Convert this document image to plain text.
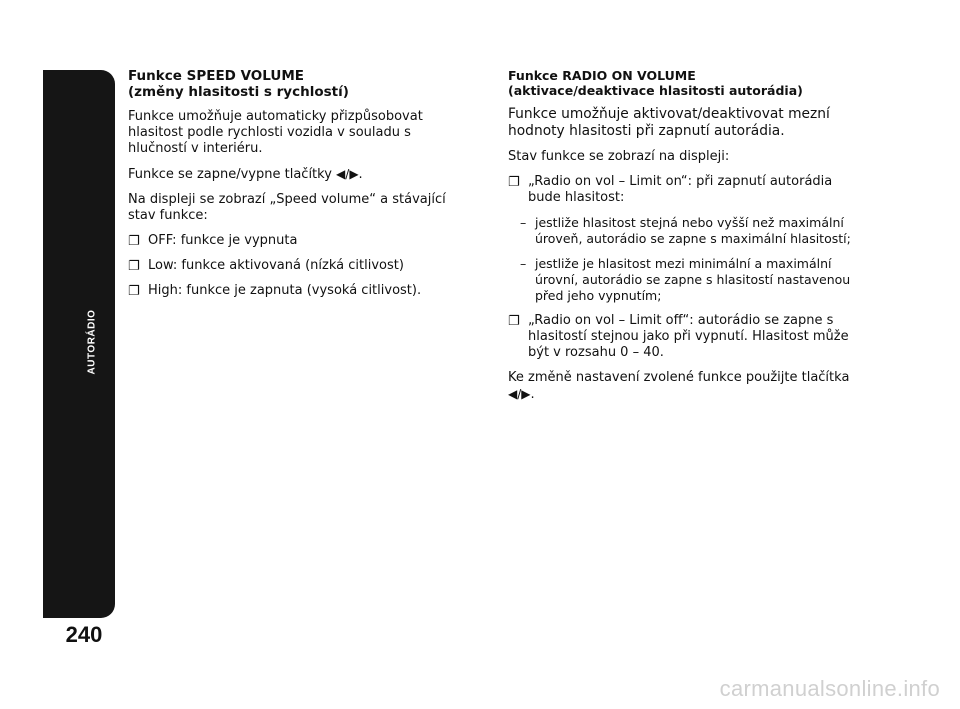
AUTORÁDIO
240
Funkce SPEED VOLUME
(změny hlasitosti s rychlostí)

Funkce umožňuje automaticky přizpůsobovat hlasitost podle rychlosti vozidla v souladu s hlučností v interiéru.

Funkce se zapne/vypne tlačítky ◀/▶.

Na displeji se zobrazí „Speed volume“ a stávající stav funkce:

❐ OFF: funkce je vypnuta
❐ Low: funkce aktivovaná (nízká citlivost)
❐ High: funkce je zapnuta (vysoká citlivost).
Funkce RADIO ON VOLUME
(aktivace/deaktivace hlasitosti autorádia)

Funkce umožňuje aktivovat/deaktivovat mezní hodnoty hlasitosti při zapnutí autorádia.

Stav funkce se zobrazí na displeji:

❐ „Radio on vol – Limit on“: při zapnutí autorádia bude hlasitost:
– jestliže hlasitost stejná nebo vyšší než maximální úroveň, autorádio se zapne s maximální hlasitostí;
– jestliže je hlasitost mezi minimální a maximální úrovní, autorádio se zapne s hlasitostí nastavenou před jeho vypnutím;
❐ „Radio on vol – Limit off“: autorádio se zapne s hlasitostí stejnou jako při vypnutí. Hlasitost může být v rozsahu 0 – 40.

Ke změně nastavení zvolené funkce použijte tlačítka
◀/▶.

carmanualsonline.info
